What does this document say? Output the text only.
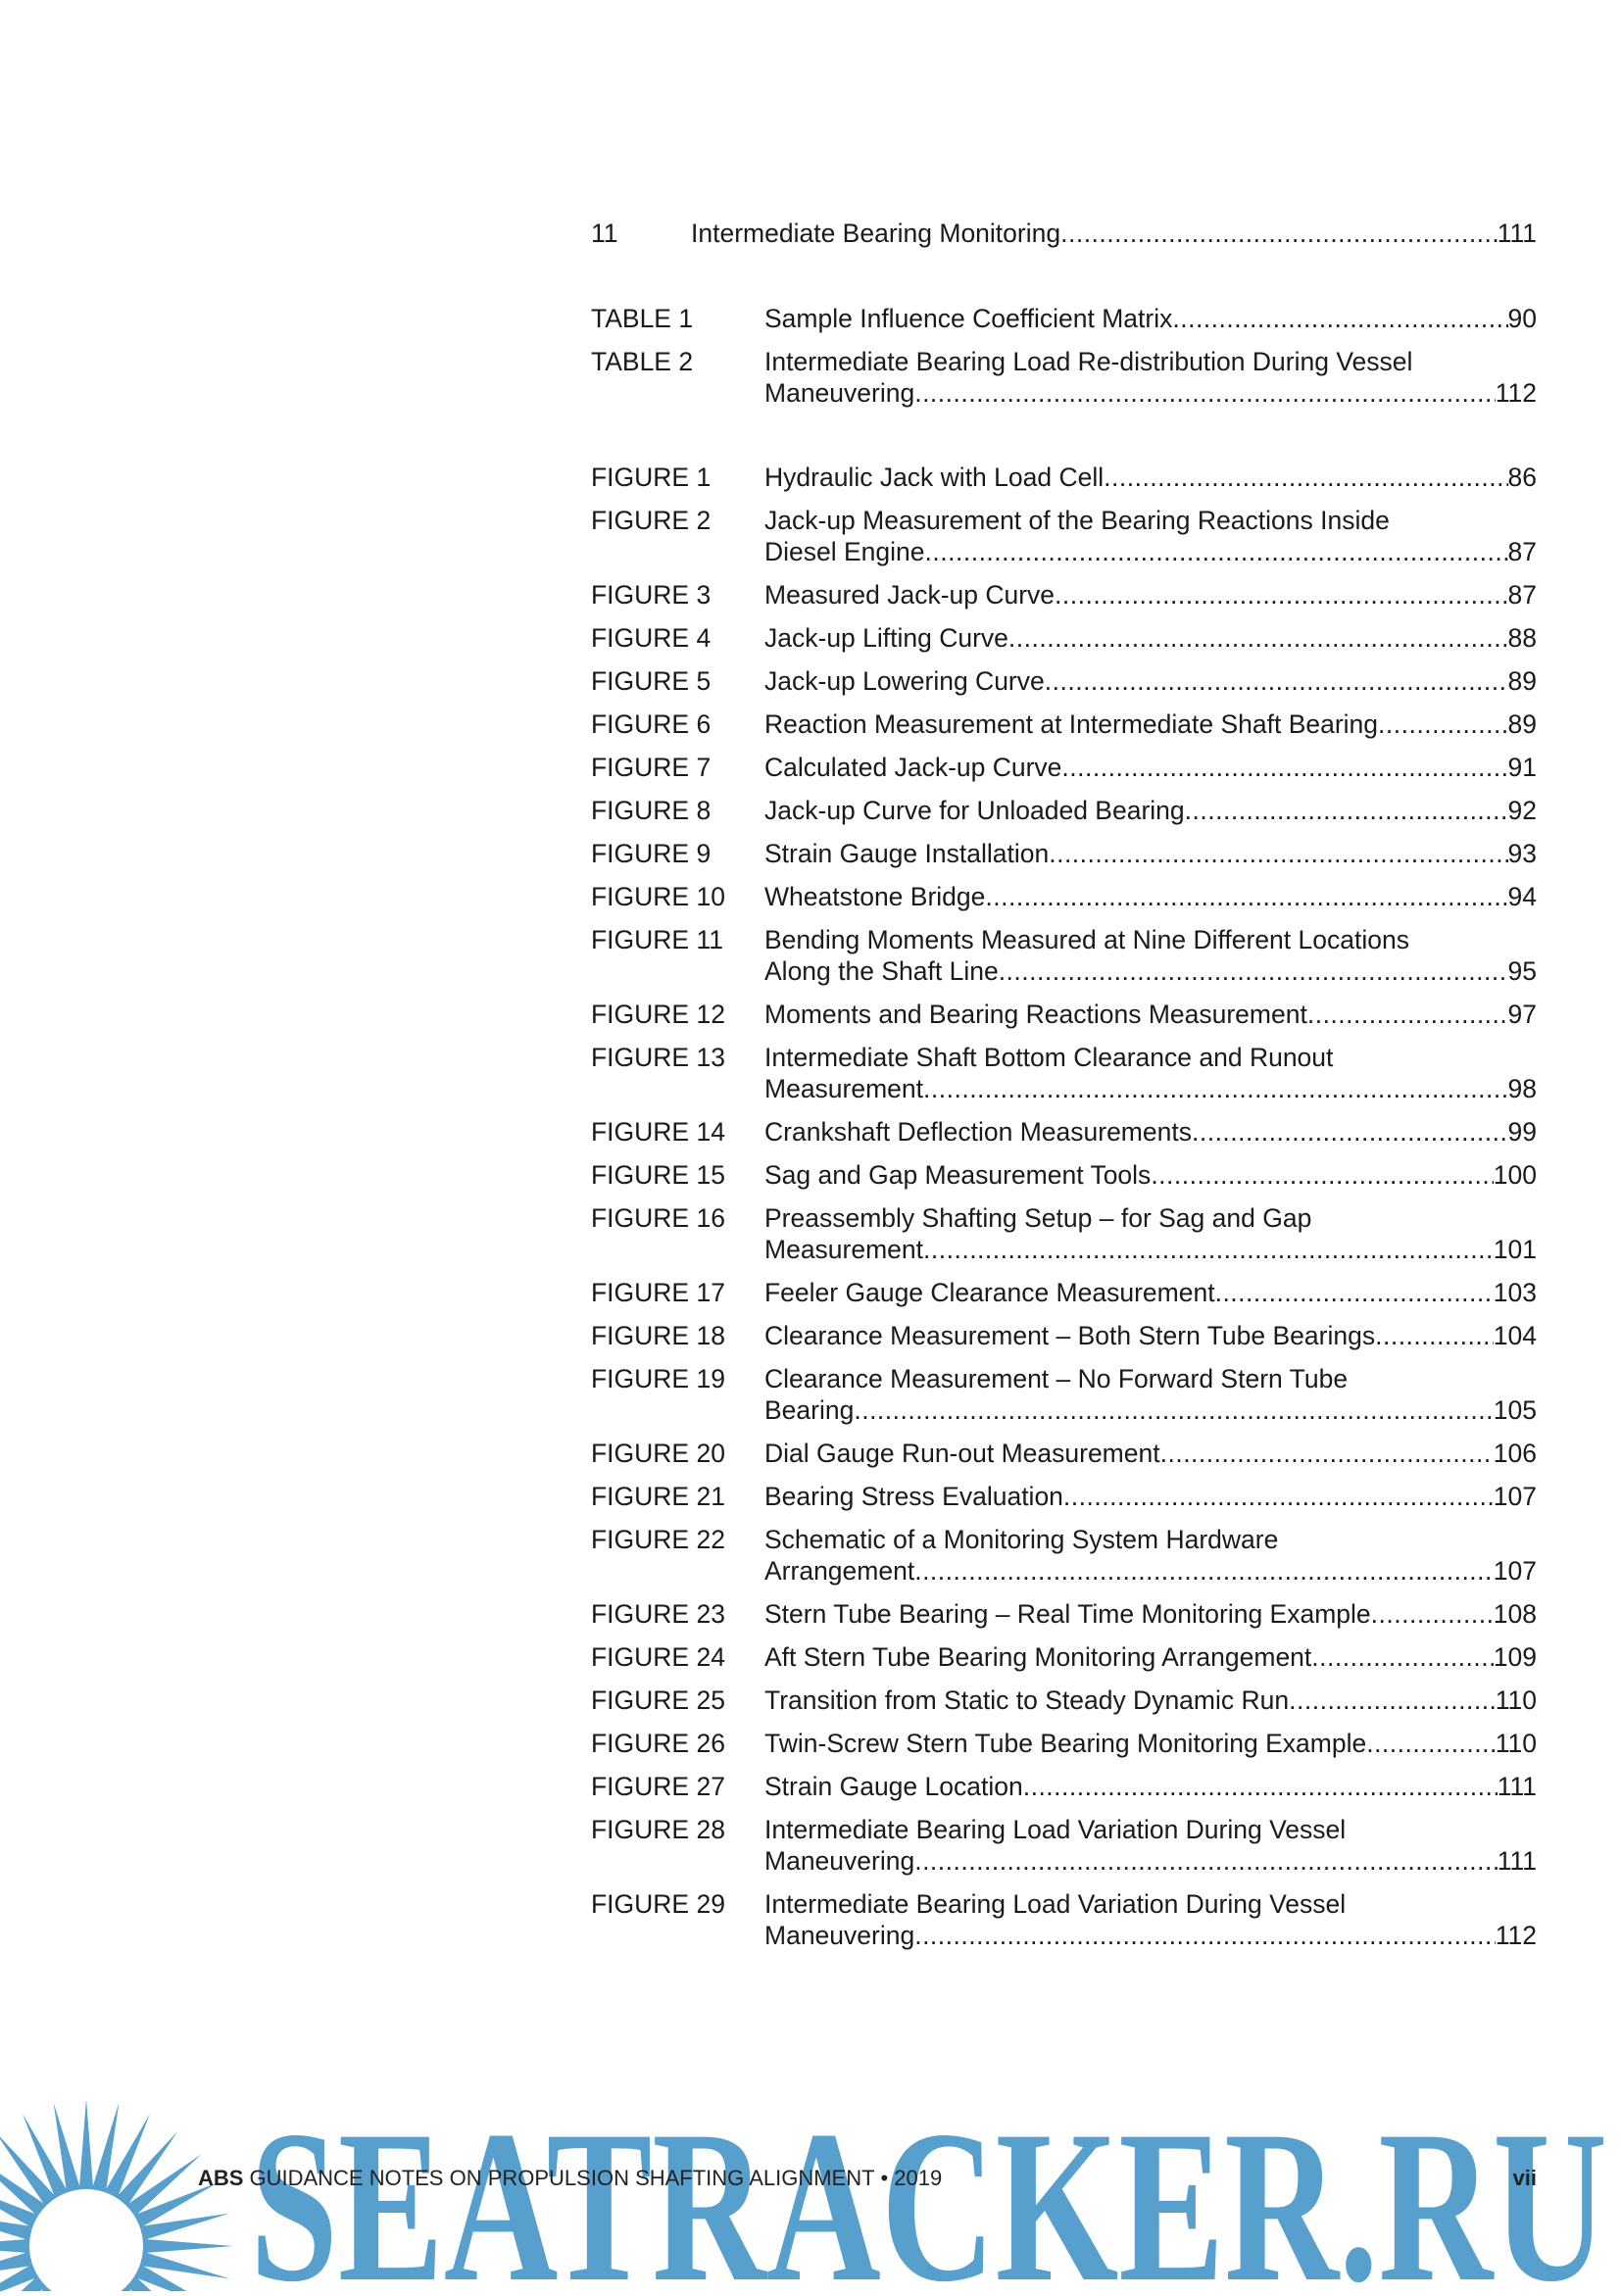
11	Intermediate Bearing Monitoring .....	111
TABLE 1	Sample Influence Coefficient Matrix .....	90
TABLE 2	Intermediate Bearing Load Re-distribution During Vessel
Maneuvering .....	112
FIGURE 1 Hydraulic Jack with Load Cell .....	86
FIGURE 2 Jack-up Measurement of the Bearing Reactions Inside
Diesel Engine .....	87
FIGURE 3 Measured Jack-up Curve .....	87
FIGURE 4 Jack-up Lifting Curve .....	88
FIGURE 5 Jack-up Lowering Curve .....	89
FIGURE 6 Reaction Measurement at Intermediate Shaft Bearing .....	89
FIGURE 7 Calculated Jack-up Curve .....	91
FIGURE 8 Jack-up Curve for Unloaded Bearing .....	92
FIGURE 9 Strain Gauge Installation .....	93
FIGURE 10 Wheatstone Bridge .....	94
FIGURE 11 Bending Moments Measured at Nine Different Locations
Along the Shaft Line .....	95
FIGURE 12 Moments and Bearing Reactions Measurement .....	97
FIGURE 13 Intermediate Shaft Bottom Clearance and Runout
Measurement .....	98
FIGURE 14 Crankshaft Deflection Measurements .....	99
FIGURE 15 Sag and Gap Measurement Tools .....	100
FIGURE 16 Preassembly Shafting Setup – for Sag and Gap
Measurement .....	101
FIGURE 17 Feeler Gauge Clearance Measurement .....	103
FIGURE 18 Clearance Measurement – Both Stern Tube Bearings .....	104
FIGURE 19 Clearance Measurement – No Forward Stern Tube
Bearing .....	105
FIGURE 20 Dial Gauge Run-out Measurement .....	106
FIGURE 21 Bearing Stress Evaluation .....	107
FIGURE 22 Schematic of a Monitoring System Hardware
Arrangement .....	107
FIGURE 23 Stern Tube Bearing – Real Time Monitoring Example .....	108
FIGURE 24 Aft Stern Tube Bearing Monitoring Arrangement .....	109
FIGURE 25 Transition from Static to Steady Dynamic Run .....	110
FIGURE 26 Twin-Screw Stern Tube Bearing Monitoring Example .....	110
FIGURE 27 Strain Gauge Location .....	111
FIGURE 28 Intermediate Bearing Load Variation During Vessel
Maneuvering .....	111
FIGURE 29 Intermediate Bearing Load Variation During Vessel
Maneuvering .....	112
SEATRACKER.RU
ABS GUIDANCE NOTES ON PROPULSION SHAFTING ALIGNMENT • 2019	vii
